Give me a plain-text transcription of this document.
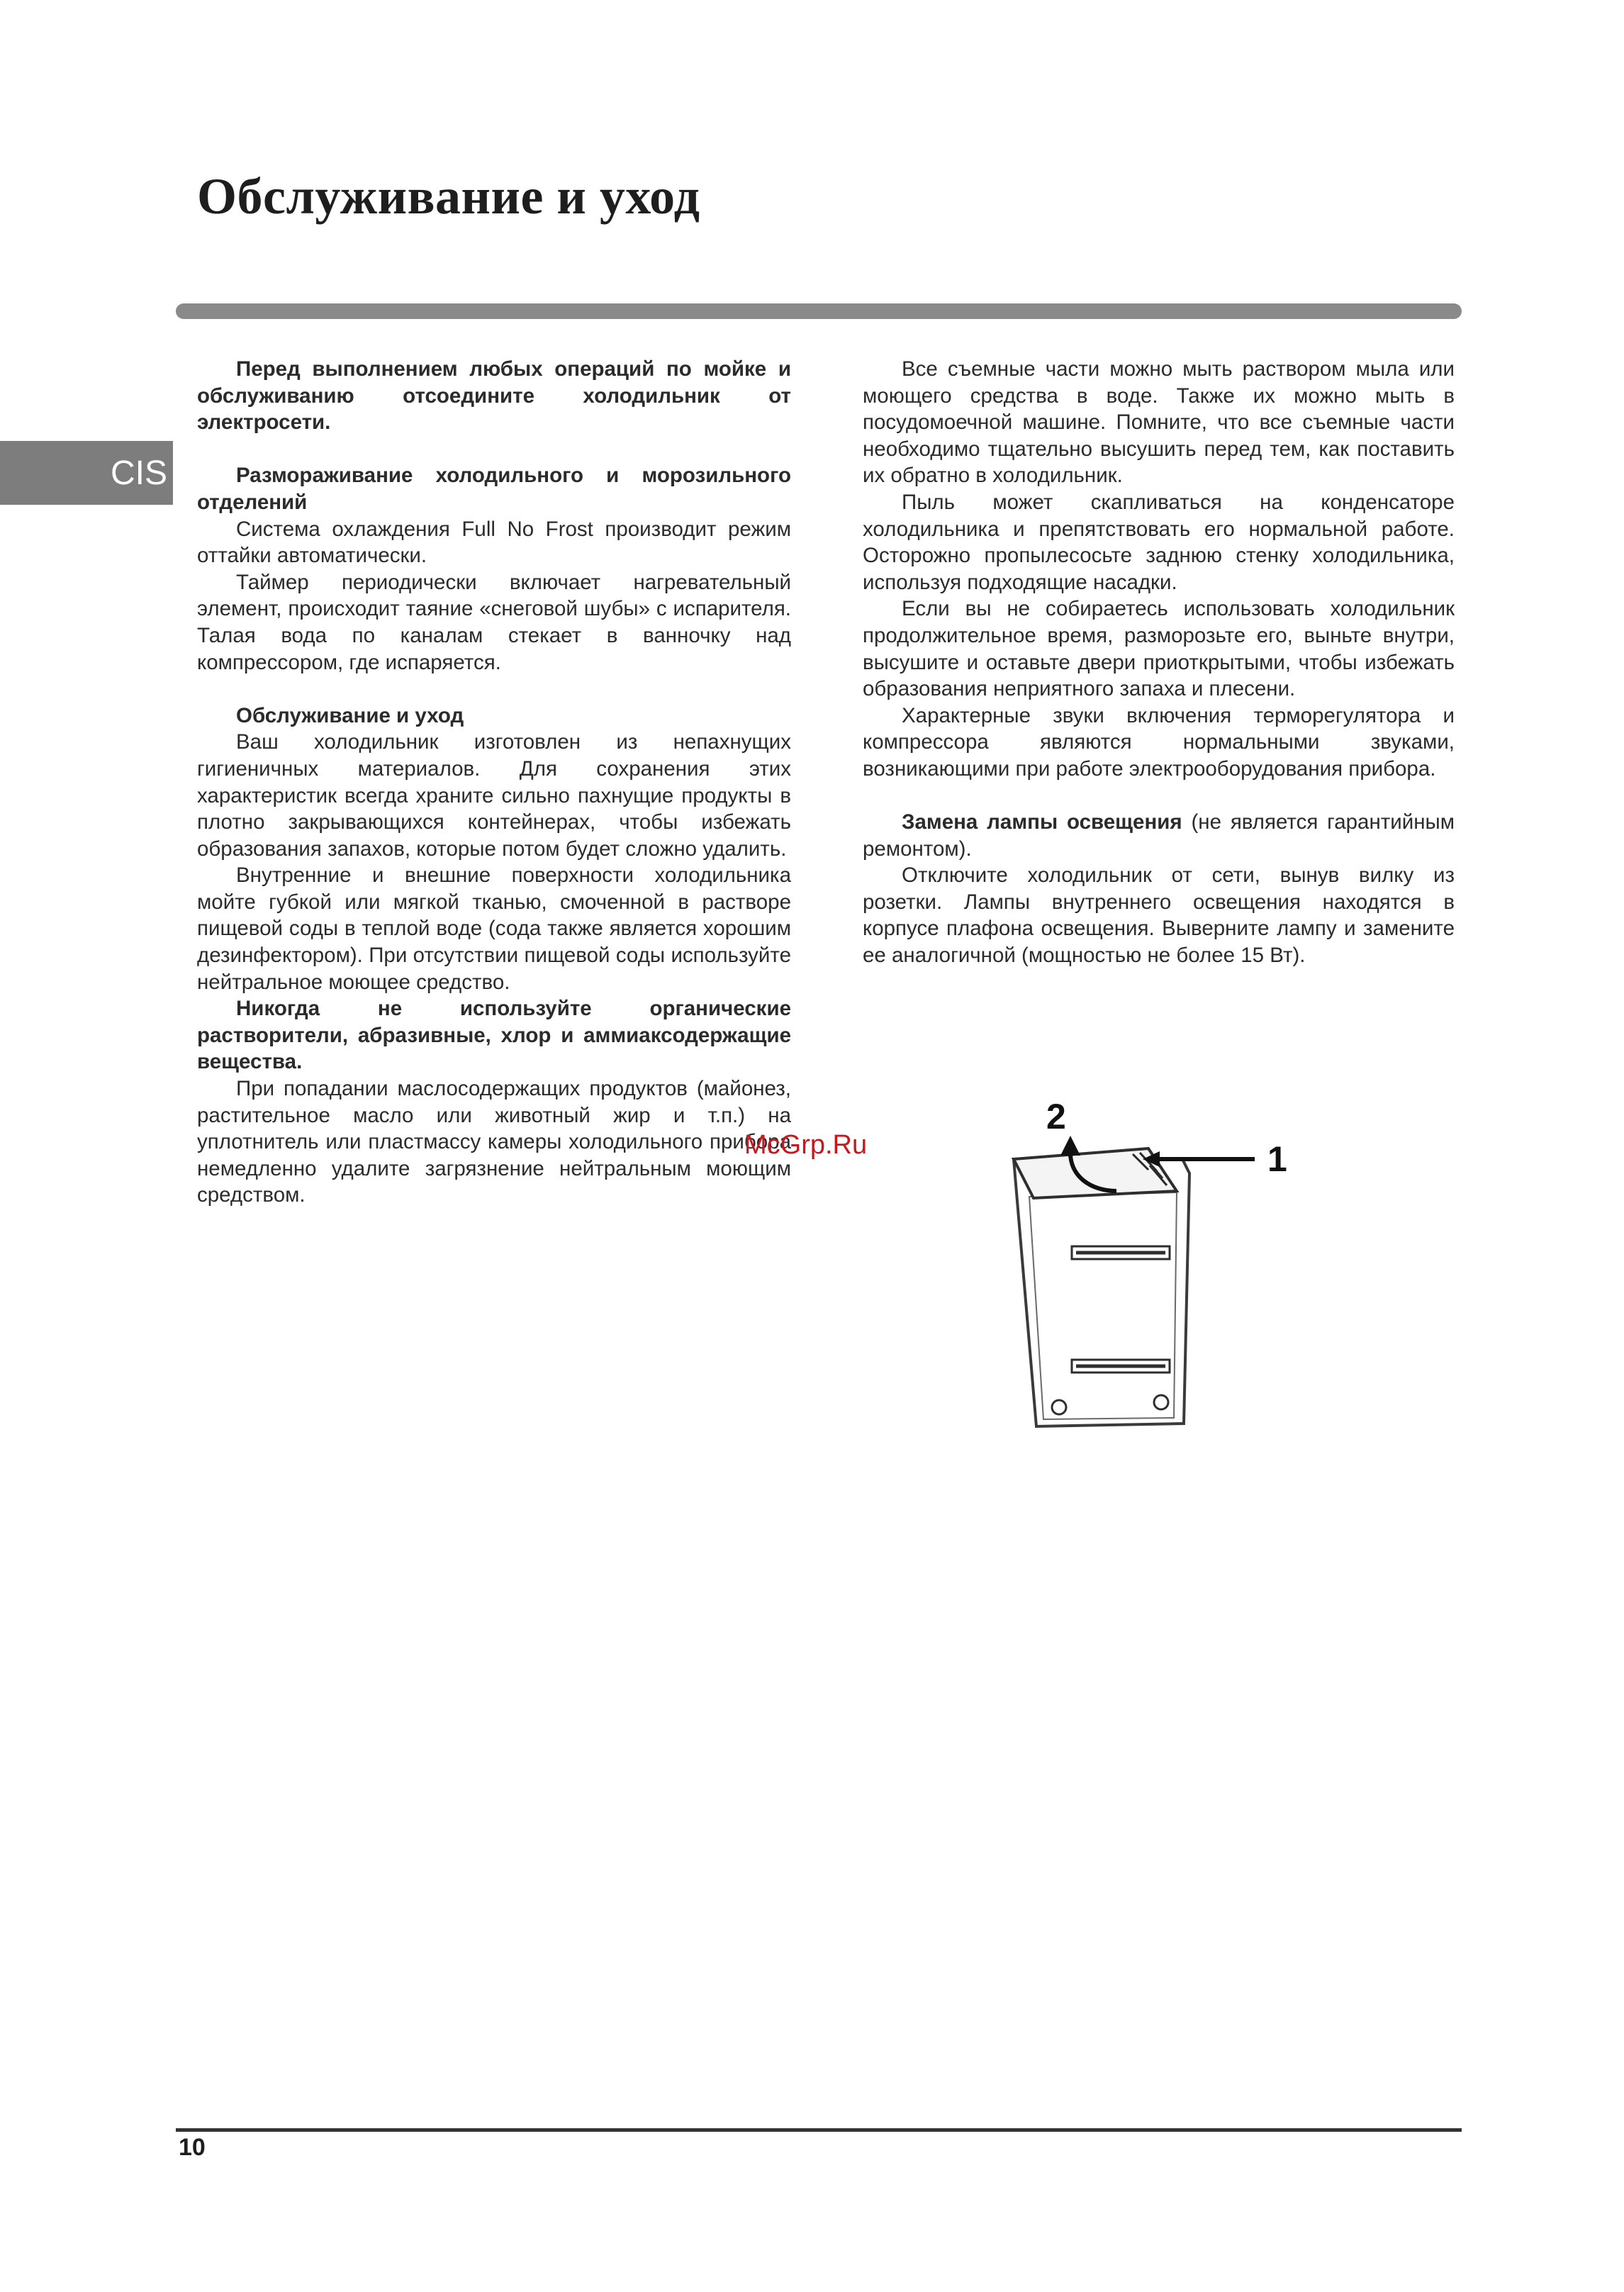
Обслуживание и уход
CIS

Перед выполнением любых операций по мойке и обслуживанию отсоедините холодильник от электросети.

Размораживание холодильного и морозильного отделений

Система охлаждения Full No Frost производит режим оттайки автоматически.

Таймер периодически включает нагревательный элемент, происходит таяние «снеговой шубы» с испарителя. Талая вода по каналам стекает в ванночку над компрессором, где испаряется.

Обслуживание и уход

Ваш холодильник изготовлен из непахнущих гигиеничных материалов. Для сохранения этих характеристик всегда храните сильно пахнущие продукты в плотно закрывающихся контейнерах, чтобы избежать образования запахов, которые потом будет сложно удалить.

Внутренние и внешние поверхности холодильника мойте губкой или мягкой тканью, смоченной в растворе пищевой соды в теплой воде (сода также является хорошим дезинфектором). При отсутствии пищевой соды используйте нейтральное моющее средство.

Никогда не используйте органические растворители, абразивные, хлор и аммиаксодержащие вещества.

При попадании маслосодержащих продуктов (майонез, растительное масло или животный жир и т.п.) на уплотнитель или пластмассу камеры холодильного прибора немедленно удалите загрязнение нейтральным моющим средством.

Все съемные части можно мыть раствором мыла или моющего средства в воде. Также их можно мыть в посудомоечной машине. Помните, что все съемные части необходимо тщательно высушить перед тем, как поставить их обратно в холодильник.

Пыль может скапливаться на конденсаторе холодильника и препятствовать его нормальной работе. Осторожно пропылесосьте заднюю стенку холодильника, используя подходящие насадки.

Если вы не собираетесь использовать холодильник продолжительное время, разморозьте его, выньте внутри, высушите и оставьте двери приоткрытыми, чтобы избежать образования неприятного запаха и плесени.

Характерные звуки включения терморегулятора и компрессора являются нормальными звуками, возникающими при работе электрооборудования прибора.

Замена лампы освещения (не является гарантийным ремонтом).

Отключите холодильник от сети, вынув вилку из розетки. Лампы внутреннего освещения находятся в корпусе плафона освещения. Выверните лампу и замените ее аналогичной (мощностью не более 15 Вт).

1
2
McGrp.Ru
10
